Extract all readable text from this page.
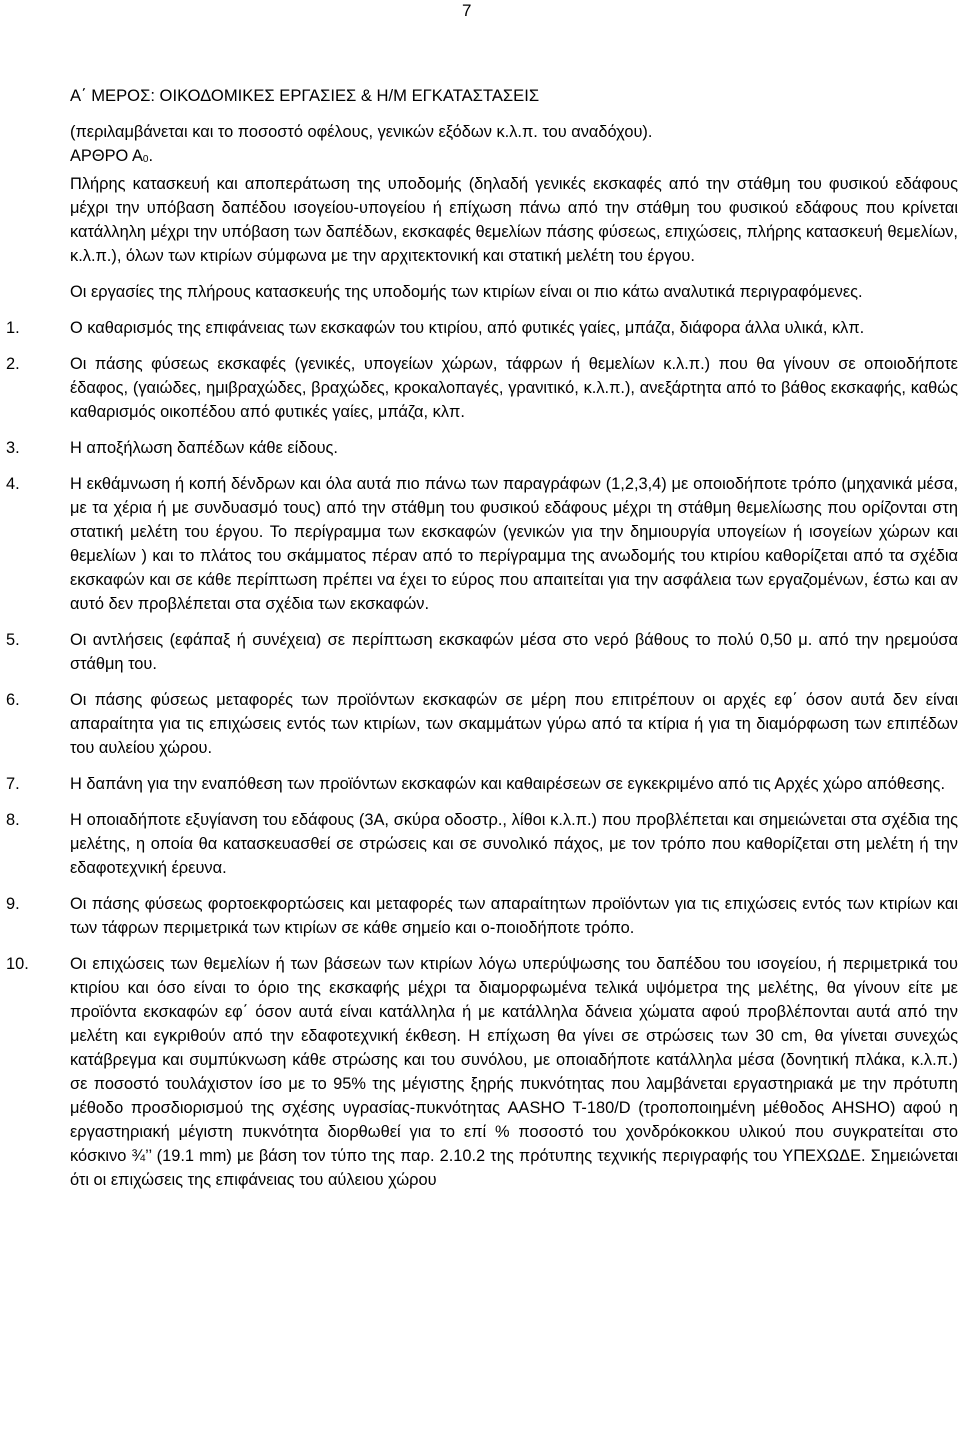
7
Α΄ ΜΕΡΟΣ: ΟΙΚΟΔΟΜΙΚΕΣ ΕΡΓΑΣΙΕΣ & Η/Μ ΕΓΚΑΤΑΣΤΑΣΕΙΣ
(περιλαμβάνεται και το ποσοστό οφέλους, γενικών εξόδων κ.λ.π. του αναδόχου).
ΑΡΘΡΟ $A_0$.
Πλήρης κατασκευή και αποπεράτωση της υποδομής (δηλαδή γενικές εκσκαφές από την στάθμη του φυσικού εδάφους μέχρι την υπόβαση δαπέδου ισογείου-υπογείου ή επίχωση πάνω από την στάθμη του φυσικού εδάφους που κρίνεται κατάλληλη μέχρι την υπόβαση των δαπέδων, εκσκαφές θεμελίων πάσης φύσεως, επιχώσεις, πλήρης κατασκευή θεμελίων, κ.λ.π.), όλων των κτιρίων σύμφωνα με την αρχιτεκτονική και στατική μελέτη του έργου.
Οι εργασίες της πλήρους κατασκευής της υποδομής των κτιρίων είναι οι πιο κάτω αναλυτικά περιγραφόμενες.
1.	Ο καθαρισμός της επιφάνειας των εκσκαφών του κτιρίου, από φυτικές γαίες, μπάζα, διάφορα άλλα υλικά, κλπ.
2.	Οι πάσης φύσεως εκσκαφές (γενικές, υπογείων χώρων, τάφρων ή θεμελίων κ.λ.π.) που θα γίνουν σε οποιοδήποτε έδαφος, (γαιώδες, ημιβραχώδες, βραχώδες, κροκαλοπαγές, γρανιτικό, κ.λ.π.), ανεξάρτητα από το βάθος εκσκαφής, καθώς καθαρισμός οικοπέδου από φυτικές γαίες, μπάζα, κλπ.
3.	Η αποξήλωση δαπέδων κάθε είδους.
4.	Η εκθάμνωση ή κοπή δένδρων και όλα αυτά πιο πάνω των παραγράφων (1,2,3,4) με οποιοδήποτε τρόπο (μηχανικά μέσα, με τα χέρια ή με συνδυασμό τους) από την στάθμη του φυσικού εδάφους μέχρι τη στάθμη θεμελίωσης που ορίζονται στη στατική μελέτη του έργου. Το περίγραμμα των εκσκαφών (γενικών για την δημιουργία υπογείων ή ισογείων χώρων και θεμελίων ) και το πλάτος του σκάμματος πέραν από το περίγραμμα της ανωδομής του κτιρίου καθορίζεται από τα σχέδια εκσκαφών και σε κάθε περίπτωση πρέπει να έχει το εύρος που απαιτείται για την ασφάλεια των εργαζομένων, έστω και αν αυτό δεν προβλέπεται στα σχέδια των εκσκαφών.
5.	Οι αντλήσεις (εφάπαξ ή συνέχεια) σε περίπτωση εκσκαφών μέσα στο νερό βάθους το πολύ 0,50 μ. από την ηρεμούσα στάθμη του.
6.	Οι πάσης φύσεως μεταφορές των προϊόντων εκσκαφών σε μέρη που επιτρέπουν οι αρχές εφ΄ όσον αυτά δεν είναι απαραίτητα για τις επιχώσεις εντός των κτιρίων, των σκαμμάτων γύρω από τα κτίρια ή για τη διαμόρφωση των επιπέδων του αυλείου χώρου.
7.	Η δαπάνη για την εναπόθεση των προϊόντων εκσκαφών και καθαιρέσεων σε εγκεκριμένο από τις Αρχές χώρο απόθεσης.
8.	Η οποιαδήποτε εξυγίανση του εδάφους (3Α, σκύρα οδοστρ., λίθοι κ.λ.π.) που προβλέπεται και σημειώνεται στα σχέδια της μελέτης, η οποία θα κατασκευασθεί σε στρώσεις και σε συνολικό πάχος, με τον τρόπο που καθορίζεται στη μελέτη ή την εδαφοτεχνική έρευνα.
9.	Οι πάσης φύσεως φορτοεκφορτώσεις και μεταφορές των απαραίτητων προϊόντων για τις επιχώσεις εντός των κτιρίων και των τάφρων περιμετρικά των κτιρίων σε κάθε σημείο και ο-ποιοδήποτε τρόπο.
10.	Οι επιχώσεις των θεμελίων ή των βάσεων των κτιρίων λόγω υπερύψωσης του δαπέδου του ισογείου, ή περιμετρικά του κτιρίου και όσο είναι το όριο της εκσκαφής μέχρι τα διαμορφωμένα τελικά υψόμετρα της μελέτης, θα γίνουν είτε με προϊόντα εκσκαφών εφ΄ όσον αυτά είναι κατάλληλα ή με κατάλληλα δάνεια χώματα αφού προβλέπονται αυτά από την μελέτη και εγκριθούν από την εδαφοτεχνική έκθεση. Η επίχωση θα γίνει σε στρώσεις των 30 cm, θα γίνεται συνεχώς κατάβρεγμα και συμπύκνωση κάθε στρώσης και του συνόλου, με οποιαδήποτε κατάλληλα μέσα (δονητική πλάκα, κ.λ.π.) σε ποσοστό τουλάχιστον ίσο με το 95% της μέγιστης ξηρής πυκνότητας που λαμβάνεται εργαστηριακά με την πρότυπη μέθοδο προσδιορισμού της σχέσης υγρασίας-πυκνότητας AASHO T-180/D (τροποποιημένη μέθοδος AHSHO) αφού η εργαστηριακή μέγιστη πυκνότητα διορθωθεί για το επί % ποσοστό του χονδρόκοκκου υλικού που συγκρατείται στο κόσκινο ¾’’ (19.1 mm) με βάση τον τύπο της παρ. 2.10.2 της πρότυπης τεχνικής περιγραφής του ΥΠΕΧΩΔΕ. Σημειώνεται ότι οι επιχώσεις της επιφάνειας του αύλειου χώρου
